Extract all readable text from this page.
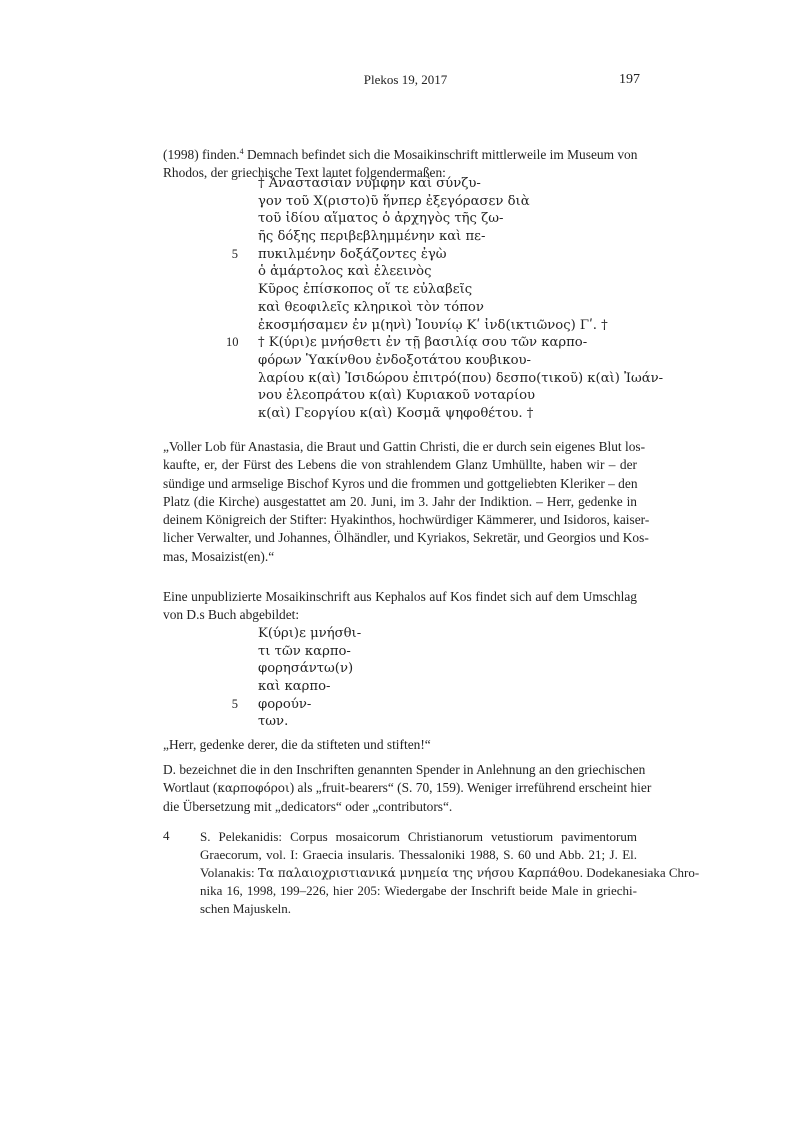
Plekos 19, 2017	197
(1998) finden.$^4$ Demnach befindet sich die Mosaikinschrift mittlerweile im Museum von
Rhodos, der griechische Text lautet folgendermaßen:
† Ἀναστασίαν νύμφην καὶ σύνζυ-
γον τοῦ Χ(ριστο)ῦ ἥνπερ ἐξεγόρασεν διὰ
τοῦ ἰδίου αἵματος ὁ ἀρχηγὸς τῆς ζω-
ῆς δόξης περιβεβλημμένην καὶ πε-
5 πυκιλμένην δοξάζοντες ἐγὼ
ὁ ἁμάρτολος καὶ ἐλεεινὸς
Κῦρος ἐπίσκοπος οἵ τε εὐλαβεῖς
καὶ θεοφιλεῖς κληρικοὶ τὸν τόπον
ἐκοσμήσαμεν ἐν μ(ηνὶ) Ἰουνίῳ Κʹ ἰνδ(ικτιῶνος) Γʹ. †
10 † Κ(ύρι)ε μνήσθετι ἐν τῇ βασιλίᾳ σου τῶν καρπο-
φόρων Ὑακίνθου ἐνδοξοτάτου κουβικου-
λαρίου κ(αὶ) Ἰσιδώρου ἐπιτρό(που) δεσπο(τικοῦ) κ(αὶ) Ἰωάν-
νου ἐλεοπράτου κ(αὶ) Κυριακοῦ νοταρίου
κ(αὶ) Γεοργίου κ(αὶ) Κοσμᾶ ψηφοθέτου. †
„Voller Lob für Anastasia, die Braut und Gattin Christi, die er durch sein eigenes Blut los-
kaufte, er, der Fürst des Lebens die von strahlendem Glanz Umhüllte, haben wir – der
sündige und armselige Bischof Kyros und die frommen und gottgeliebten Kleriker – den
Platz (die Kirche) ausgestattet am 20. Juni, im 3. Jahr der Indiktion. – Herr, gedenke in
deinem Königreich der Stifter: Hyakinthos, hochwürdiger Kämmerer, und Isidoros, kaiser-
licher Verwalter, und Johannes, Ölhändler, und Kyriakos, Sekretär, und Georgios und Kos-
mas, Mosaizist(en).“
Eine unpublizierte Mosaikinschrift aus Kephalos auf Kos findet sich auf dem Umschlag
von D.s Buch abgebildet:
Κ(ύρι)ε μνήσθι-
τι τῶν καρπο-
φορησάντω(ν)
καὶ καρπο-
5 φορούν-
των.
„Herr, gedenke derer, die da stifteten und stiften!“
D. bezeichnet die in den Inschriften genannten Spender in Anlehnung an den griechischen
Wortlaut (καρποφόροι) als „fruit-bearers“ (S. 70, 159). Weniger irreführend erscheint hier
die Übersetzung mit „dedicators“ oder „contributors“.
4 S. Pelekanidis: Corpus mosaicorum Christianorum vetustiorum pavimentorum
Graecorum, vol. I: Graecia insularis. Thessaloniki 1988, S. 60 und Abb. 21; J. El.
Volanakis: Τα παλαιοχριστιανικά μνημεία της νήσου Καρπάθου. Dodekanesiaka Chro-
nika 16, 1998, 199–226, hier 205: Wiedergabe der Inschrift beide Male in griechi-
schen Majuskeln.
